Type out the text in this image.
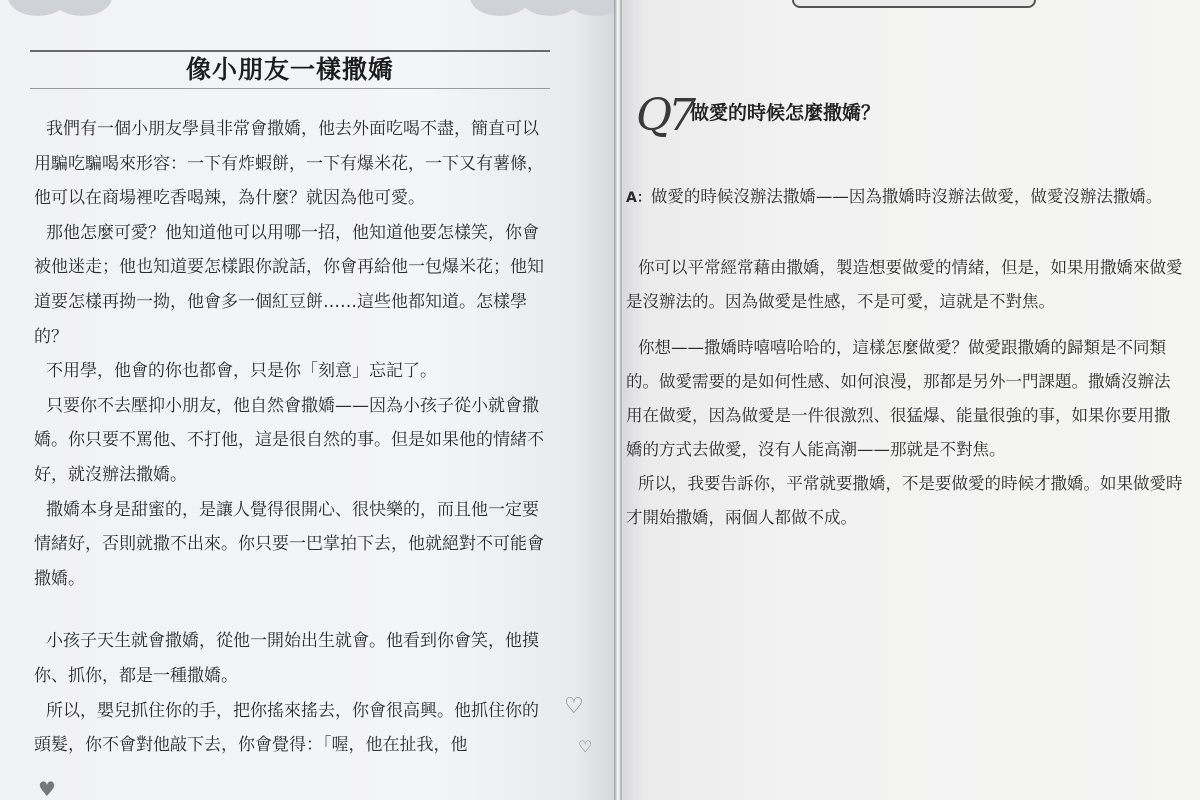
像小朋友一樣撒嬌

我們有一個小朋友學員非常會撒嬌，他去外面吃喝不盡，簡直可以用騙吃騙喝來形容：一下有炸蝦餅，一下有爆米花，一下又有薯條，他可以在商場裡吃香喝辣，為什麼？就因為他可愛。

那他怎麼可愛？他知道他可以用哪一招，他知道他要怎樣笑，你會被他迷走；他也知道要怎樣跟你說話，你會再給他一包爆米花；他知道要怎樣再拗一拗，他會多一個紅豆餅……這些他都知道。怎樣學的？

不用學，他會的你也都會，只是你「刻意」忘記了。

只要你不去壓抑小朋友，他自然會撒嬌——因為小孩子從小就會撒嬌。你只要不罵他、不打他，這是很自然的事。但是如果他的情緒不好，就沒辦法撒嬌。

撒嬌本身是甜蜜的，是讓人覺得很開心、很快樂的，而且他一定要情緒好，否則就撒不出來。你只要一巴掌拍下去，他就絕對不可能會撒嬌。

小孩子天生就會撒嬌，從他一開始出生就會。他看到你會笑，他摸你、抓你，都是一種撒嬌。

所以，嬰兒抓住你的手，把你搖來搖去，你會很高興。他抓住你的頭髮，你不會對他敲下去，你會覺得：「喔，他在扯我，他

♡
♡
♥
Q7
做愛的時候怎麼撒嬌？

A：做愛的時候沒辦法撒嬌——因為撒嬌時沒辦法做愛，做愛沒辦法撒嬌。

你可以平常經常藉由撒嬌，製造想要做愛的情緒，但是，如果用撒嬌來做愛是沒辦法的。因為做愛是性感，不是可愛，這就是不對焦。

你想——撒嬌時嘻嘻哈哈的，這樣怎麼做愛？做愛跟撒嬌的歸類是不同類的。做愛需要的是如何性感、如何浪漫，那都是另外一門課題。撒嬌沒辦法用在做愛，因為做愛是一件很激烈、很猛爆、能量很強的事，如果你要用撒嬌的方式去做愛，沒有人能高潮——那就是不對焦。

所以，我要告訴你，平常就要撒嬌，不是要做愛的時候才撒嬌。如果做愛時才開始撒嬌，兩個人都做不成。
